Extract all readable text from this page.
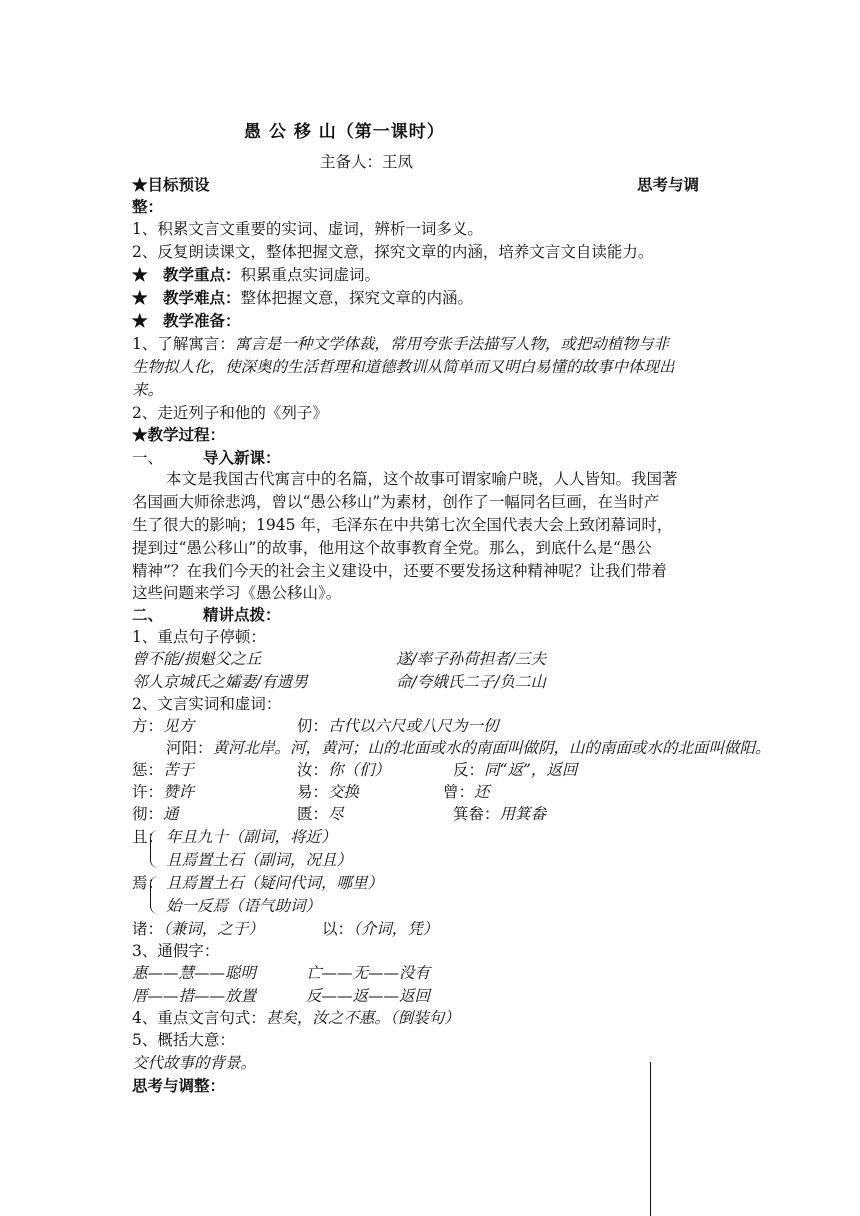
愚 公 移 山（第一课时）
主备人：王凤
★目标预设	思考与调
整：
1、积累文言文重要的实词、虚词，辨析一词多义。
2、反复朗读课文，整体把握文意，探究文章的内涵，培养文言文自读能力。
★　教学重点：积累重点实词虚词。
★　教学难点：整体把握文意，探究文章的内涵。
★　教学准备：
1、了解寓言：寓言是一种文学体裁，常用夸张手法描写人物，或把动植物与非
生物拟人化，使深奥的生活哲理和道德教训从简单而又明白易懂的故事中体现出
来。
2、走近列子和他的《列子》
★教学过程：
一、	导入新课：
本文是我国古代寓言中的名篇，这个故事可谓家喻户晓，人人皆知。我国著
名国画大师徐悲鸿，曾以“愚公移山”为素材，创作了一幅同名巨画，在当时产
生了很大的影响；1945 年，毛泽东在中共第七次全国代表大会上致闭幕词时，
提到过“愚公移山”的故事，他用这个故事教育全党。那么，到底什么是“愚公
精神”？在我们今天的社会主义建设中，还要不要发扬这种精神呢？让我们带着
这些问题来学习《愚公移山》。
二、	精讲点拨：
1、重点句子停顿：
曾不能/损魁父之丘	遂/率子孙荷担者/三夫
邻人京城氏之孀妻/有遗男	命/夸娥氏二子/负二山
2、文言实词和虚词：
方：见方	仞：古代以六尺或八尺为一仞
河阳：黄河北岸。河，黄河；山的北面或水的南面叫做阴，山的南面或水的北面叫做阳。
惩：苦于	汝：你（们）	反：同“返”，返回
许：赞许	易：交换	曾：还
彻：通	匮：尽	箕畚：用箕畚
且： 年且九十（副词，将近）
且焉置土石（副词，况且）
焉： 且焉置土石（疑问代词，哪里）
始一反焉（语气助词）
诸：（兼词，之于）	以：（介词，凭）
3、通假字：
惠——慧——聪明	亡——无——没有
厝——措——放置	反——返——返回
4、重点文言句式：甚矣，汝之不惠。（倒装句）
5、概括大意：
交代故事的背景。
思考与调整：
